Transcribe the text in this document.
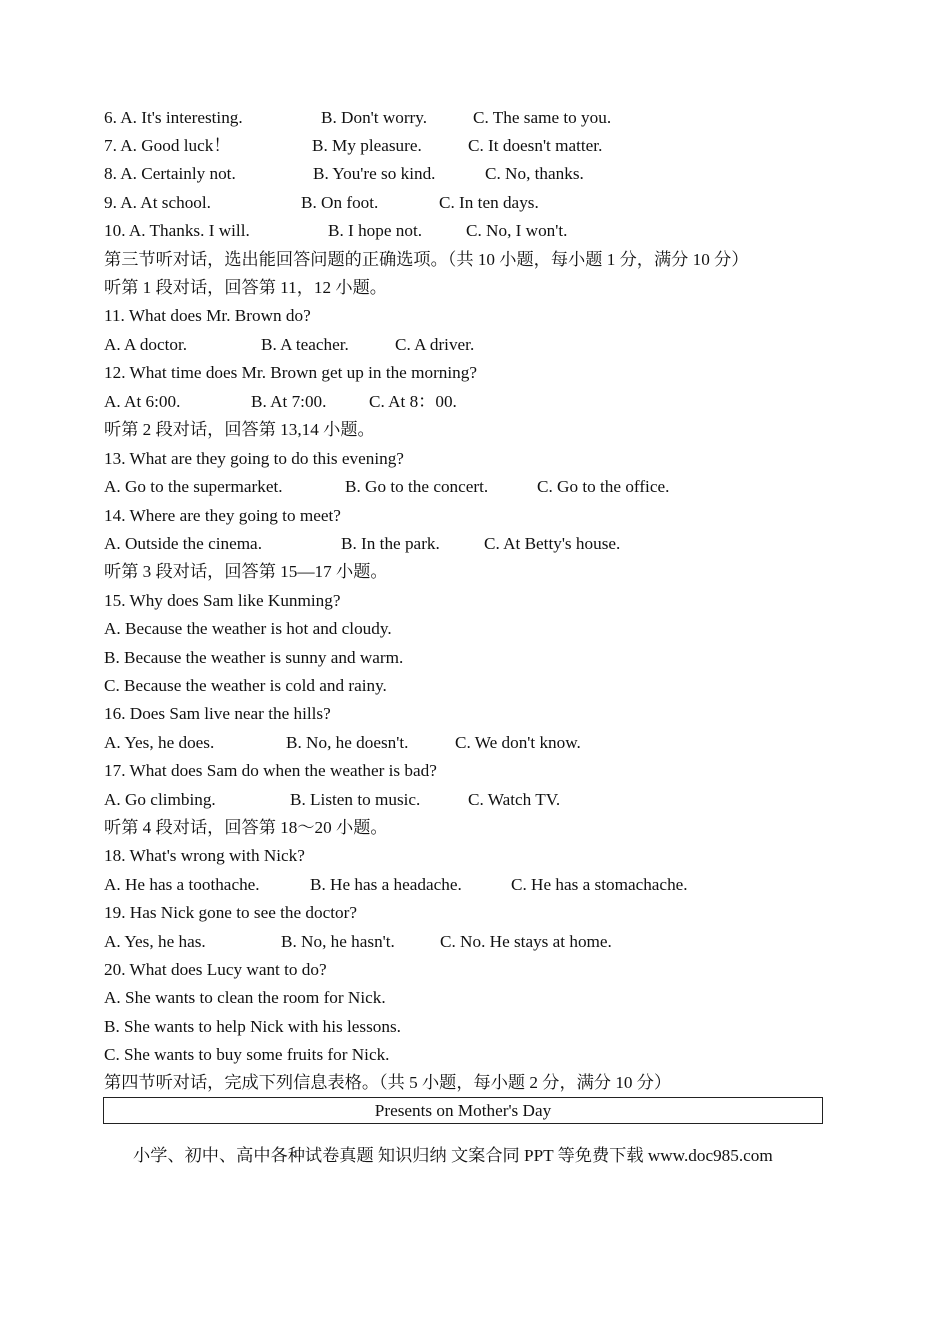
6. A. It's interesting.	B. Don't worry.	C. The same to you.
7. A. Good luck！	B. My pleasure.	C. It doesn't matter.
8. A. Certainly not.	B. You're so kind.	C. No, thanks.
9. A. At school.	B. On foot.	C. In ten days.
10. A. Thanks. I will.	B. I hope not.	C. No, I won't.
第三节听对话，选出能回答问题的正确选项。（共 10 小题，每小题 1 分，满分 10 分）
听第 1 段对话，回答第 11，12 小题。
11. What does Mr. Brown do?
A. A doctor.	B. A teacher.	C. A driver.
12. What time does Mr. Brown get up in the morning?
A. At 6:00.	B. At 7:00. C. At 8：00.
听第 2 段对话，回答第 13,14 小题。
13. What are they going to do this evening?
A. Go to the supermarket.	B. Go to the concert.	C. Go to the office.
14. Where are they going to meet?
A. Outside the cinema.	B. In the park.	C. At Betty's house.
听第 3 段对话，回答第 15—17 小题。
15. Why does Sam like Kunming?
A. Because the weather is hot and cloudy.
B. Because the weather is sunny and warm.
C. Because the weather is cold and rainy.
16. Does Sam live near the hills?
A. Yes, he does.	B. No, he doesn't.	C. We don't know.
17. What does Sam do when the weather is bad?
A. Go climbing.	B. Listen to music.	C. Watch TV.
听第 4 段对话，回答第 18～20 小题。
18. What's wrong with Nick?
A. He has a toothache.	B. He has a headache.	C. He has a stomachache.
19. Has Nick gone to see the doctor?
A. Yes, he has.	B. No, he hasn't.	C. No. He stays at home.
20. What does Lucy want to do?
A. She wants to clean the room for Nick.
B. She wants to help Nick with his lessons.
C. She wants to buy some fruits for Nick.
第四节听对话，完成下列信息表格。（共 5 小题，每小题 2 分，满分 10 分）
Presents on Mother's Day
小学、初中、高中各种试卷真题 知识归纳 文案合同 PPT 等免费下载 www.doc985.com
